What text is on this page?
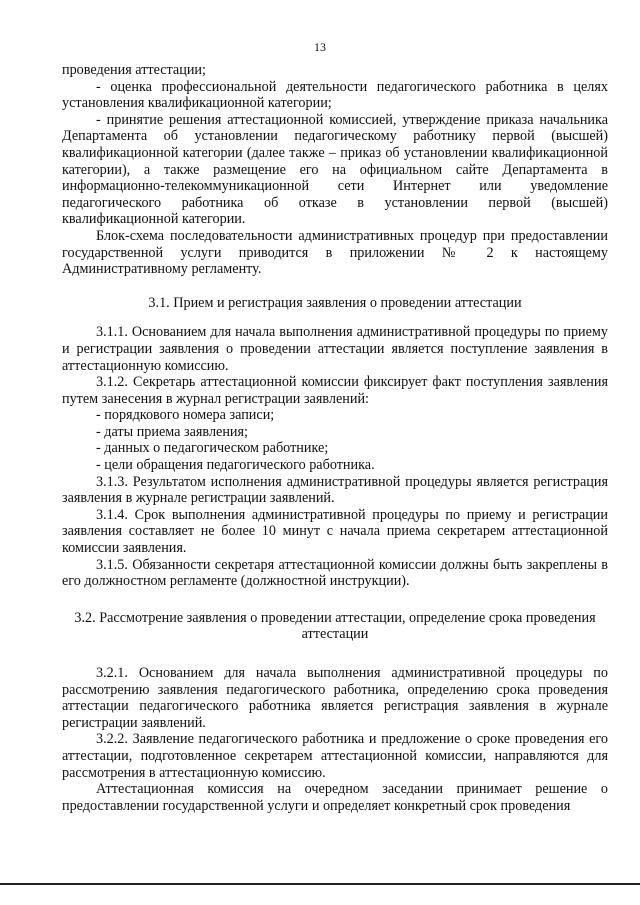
13

проведения аттестации;

- оценка профессиональной деятельности педагогического работника в целях установления квалификационной категории;

- принятие решения аттестационной комиссией, утверждение приказа начальника Департамента об установлении педагогическому работнику первой (высшей) квалификационной категории (далее также – приказ об установлении квалификационной категории), а также размещение его на официальном сайте Департамента в информационно-телекоммуникационной сети Интернет или уведомление педагогического работника об отказе в установлении первой (высшей) квалификационной категории.

Блок-схема последовательности административных процедур при предоставлении государственной услуги приводится в приложении № 2 к настоящему Административному регламенту.

3.1. Прием и регистрация заявления о проведении аттестации

3.1.1. Основанием для начала выполнения административной процедуры по приему и регистрации заявления о проведении аттестации является поступление заявления в аттестационную комиссию.

3.1.2. Секретарь аттестационной комиссии фиксирует факт поступления заявления путем занесения в журнал регистрации заявлений:

- порядкового номера записи;

- даты приема заявления;

- данных о педагогическом работнике;

- цели обращения педагогического работника.

3.1.3. Результатом исполнения административной процедуры является регистрация заявления в журнале регистрации заявлений.

3.1.4. Срок выполнения административной процедуры по приему и регистрации заявления составляет не более 10 минут с начала приема секретарем аттестационной комиссии заявления.

3.1.5. Обязанности секретаря аттестационной комиссии должны быть закреплены в его должностном регламенте (должностной инструкции).

3.2. Рассмотрение заявления о проведении аттестации, определение срока проведения аттестации

3.2.1. Основанием для начала выполнения административной процедуры по рассмотрению заявления педагогического работника, определению срока проведения аттестации педагогического работника является регистрация заявления в журнале регистрации заявлений.

3.2.2. Заявление педагогического работника и предложение о сроке проведения его аттестации, подготовленное секретарем аттестационной комиссии, направляются для рассмотрения в аттестационную комиссию.

Аттестационная комиссия на очередном заседании принимает решение о предоставлении государственной услуги и определяет конкретный срок проведения
